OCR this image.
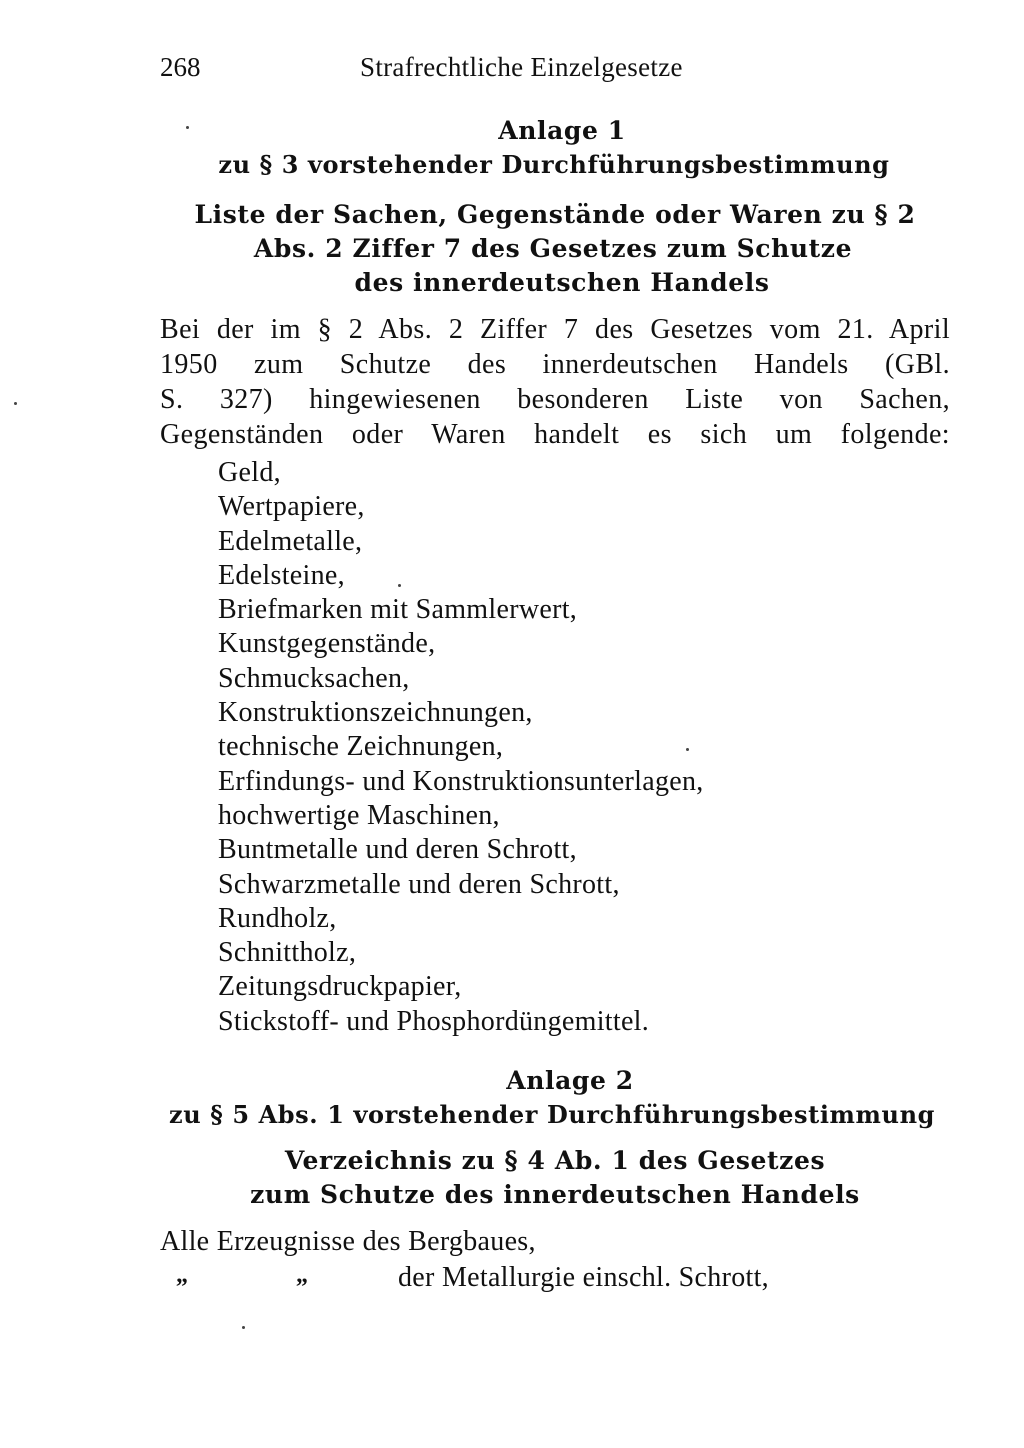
268	Strafrechtliche Einzelgesetze
Anlage 1
zu § 3 vorstehender Durchführungsbestimmung
Liste der Sachen, Gegenstände oder Waren zu § 2
Abs. 2 Ziffer 7 des Gesetzes zum Schutze
des innerdeutschen Handels
Bei der im § 2 Abs. 2 Ziffer 7 des Gesetzes vom 21. April
1950 zum Schutze des innerdeutschen Handels (GBl.
S. 327) hingewiesenen besonderen Liste von Sachen,
Gegenständen oder Waren handelt es sich um folgende:
Geld,
Wertpapiere,
Edelmetalle,
Edelsteine,
Briefmarken mit Sammlerwert,
Kunstgegenstände,
Schmucksachen,
Konstruktionszeichnungen,
technische Zeichnungen,
Erfindungs- und Konstruktionsunterlagen,
hochwertige Maschinen,
Buntmetalle und deren Schrott,
Schwarzmetalle und deren Schrott,
Rundholz,
Schnittholz,
Zeitungsdruckpapier,
Stickstoff- und Phosphordüngemittel.
Anlage 2
zu § 5 Abs. 1 vorstehender Durchführungsbestimmung
Verzeichnis zu § 4 Ab. 1 des Gesetzes
zum Schutze des innerdeutschen Handels
Alle Erzeugnisse des Bergbaues,
„	„	der Metallurgie einschl. Schrott,
